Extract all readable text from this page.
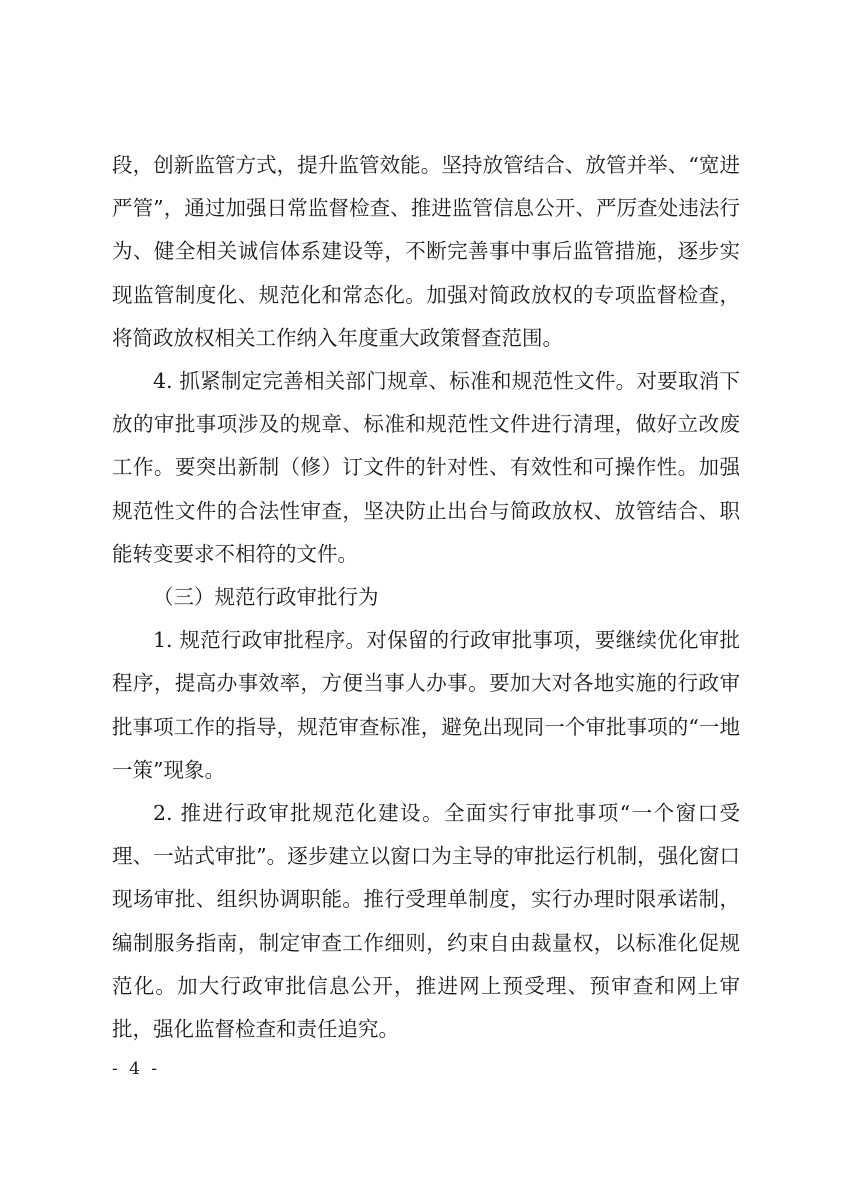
段，创新监管方式，提升监管效能。坚持放管结合、放管并举、“宽进严管”，通过加强日常监督检查、推进监管信息公开、严厉查处违法行为、健全相关诚信体系建设等，不断完善事中事后监管措施，逐步实现监管制度化、规范化和常态化。加强对简政放权的专项监督检查，将简政放权相关工作纳入年度重大政策督查范围。

4. 抓紧制定完善相关部门规章、标准和规范性文件。对要取消下放的审批事项涉及的规章、标准和规范性文件进行清理，做好立改废工作。要突出新制（修）订文件的针对性、有效性和可操作性。加强规范性文件的合法性审查，坚决防止出台与简政放权、放管结合、职能转变要求不相符的文件。

（三）规范行政审批行为

1. 规范行政审批程序。对保留的行政审批事项，要继续优化审批程序，提高办事效率，方便当事人办事。要加大对各地实施的行政审批事项工作的指导，规范审查标准，避免出现同一个审批事项的“一地一策”现象。

2. 推进行政审批规范化建设。全面实行审批事项“一个窗口受理、一站式审批”。逐步建立以窗口为主导的审批运行机制，强化窗口现场审批、组织协调职能。推行受理单制度，实行办理时限承诺制，编制服务指南，制定审查工作细则，约束自由裁量权，以标准化促规范化。加大行政审批信息公开，推进网上预受理、预审查和网上审批，强化监督检查和责任追究。

- 4 -
